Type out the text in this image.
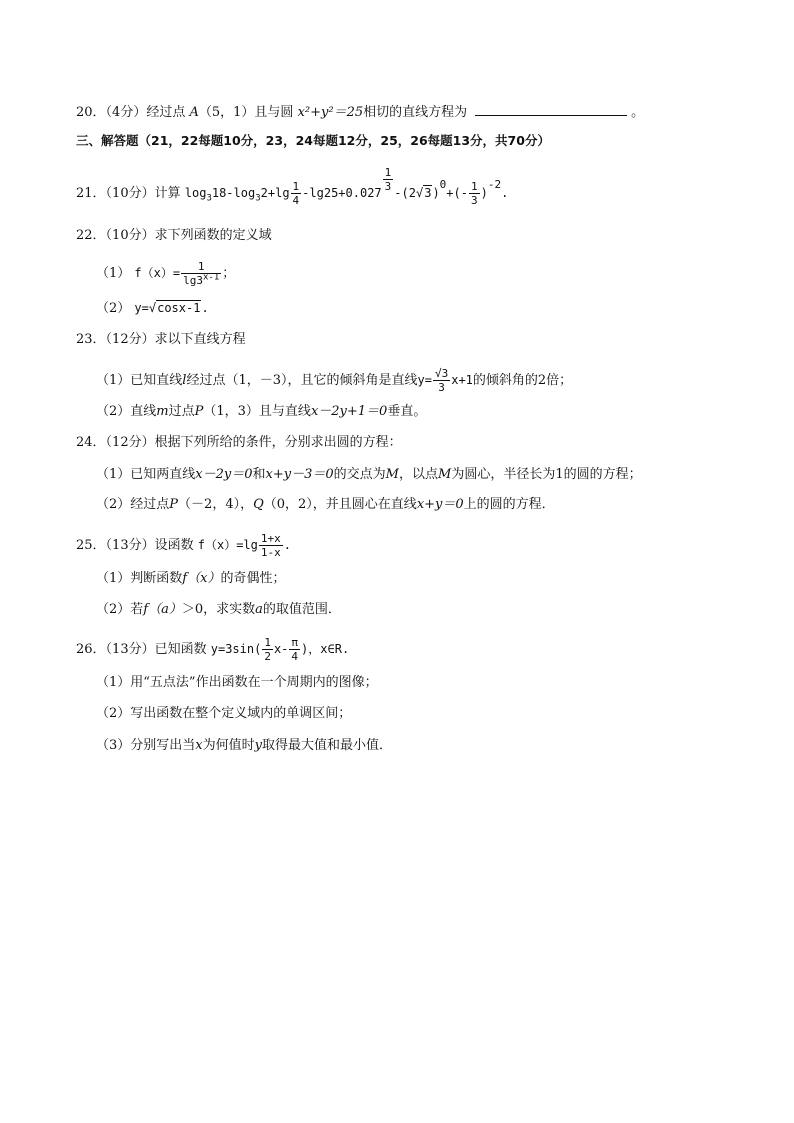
20．（4分）经过点 A（5，1）且与圆 x²+y²＝25相切的直线方程为	。
三、解答题（21，22每题10分，23，24每题12分，25，26每题13分，共70分）
21．（10分）计算 $\log_318-\log_32+\lg \frac{1}{4} -\lg 25+0.027 \frac{1}{3} -(2√3)0+(- \frac{1}{3} )-2$.
22．（10分）求下列函数的定义域
（1） $f(x)= \frac{1}{\lg 3^{x-1}}$ ；
（2） y=√cosx-1.
23．（12分）求以下直线方程
（1）已知直线l经过点（1，－3），且它的倾斜角是直线$y= \frac{√3}{3} x+1$的倾斜角的2倍；
（2）直线m过点P（1，3）且与直线x－2y+1＝0垂直。
24．（12分）根据下列所给的条件，分别求出圆的方程：
（1）已知两直线x－2y＝0和x+y－3＝0的交点为M，以点M为圆心，半径长为1的圆的方程；
（2）经过点P（－2，4），Q（0，2），并且圆心在直线x+y＝0上的圆的方程．
25．（13分）设函数 $f(x)=\lg \frac{1+x}{1-x}$ .
（1）判断函数f（x）的奇偶性；
（2）若f（a）＞0，求实数a的取值范围．
26．（13分）已知函数 $y=3\sin( \frac{1}{2} x- \frac{\pi}{4}$ )，x∈R.
（1）用“五点法”作出函数在一个周期内的图像；
（2）写出函数在整个定义域内的单调区间；
（3）分别写出当x为何值时y取得最大值和最小值．
